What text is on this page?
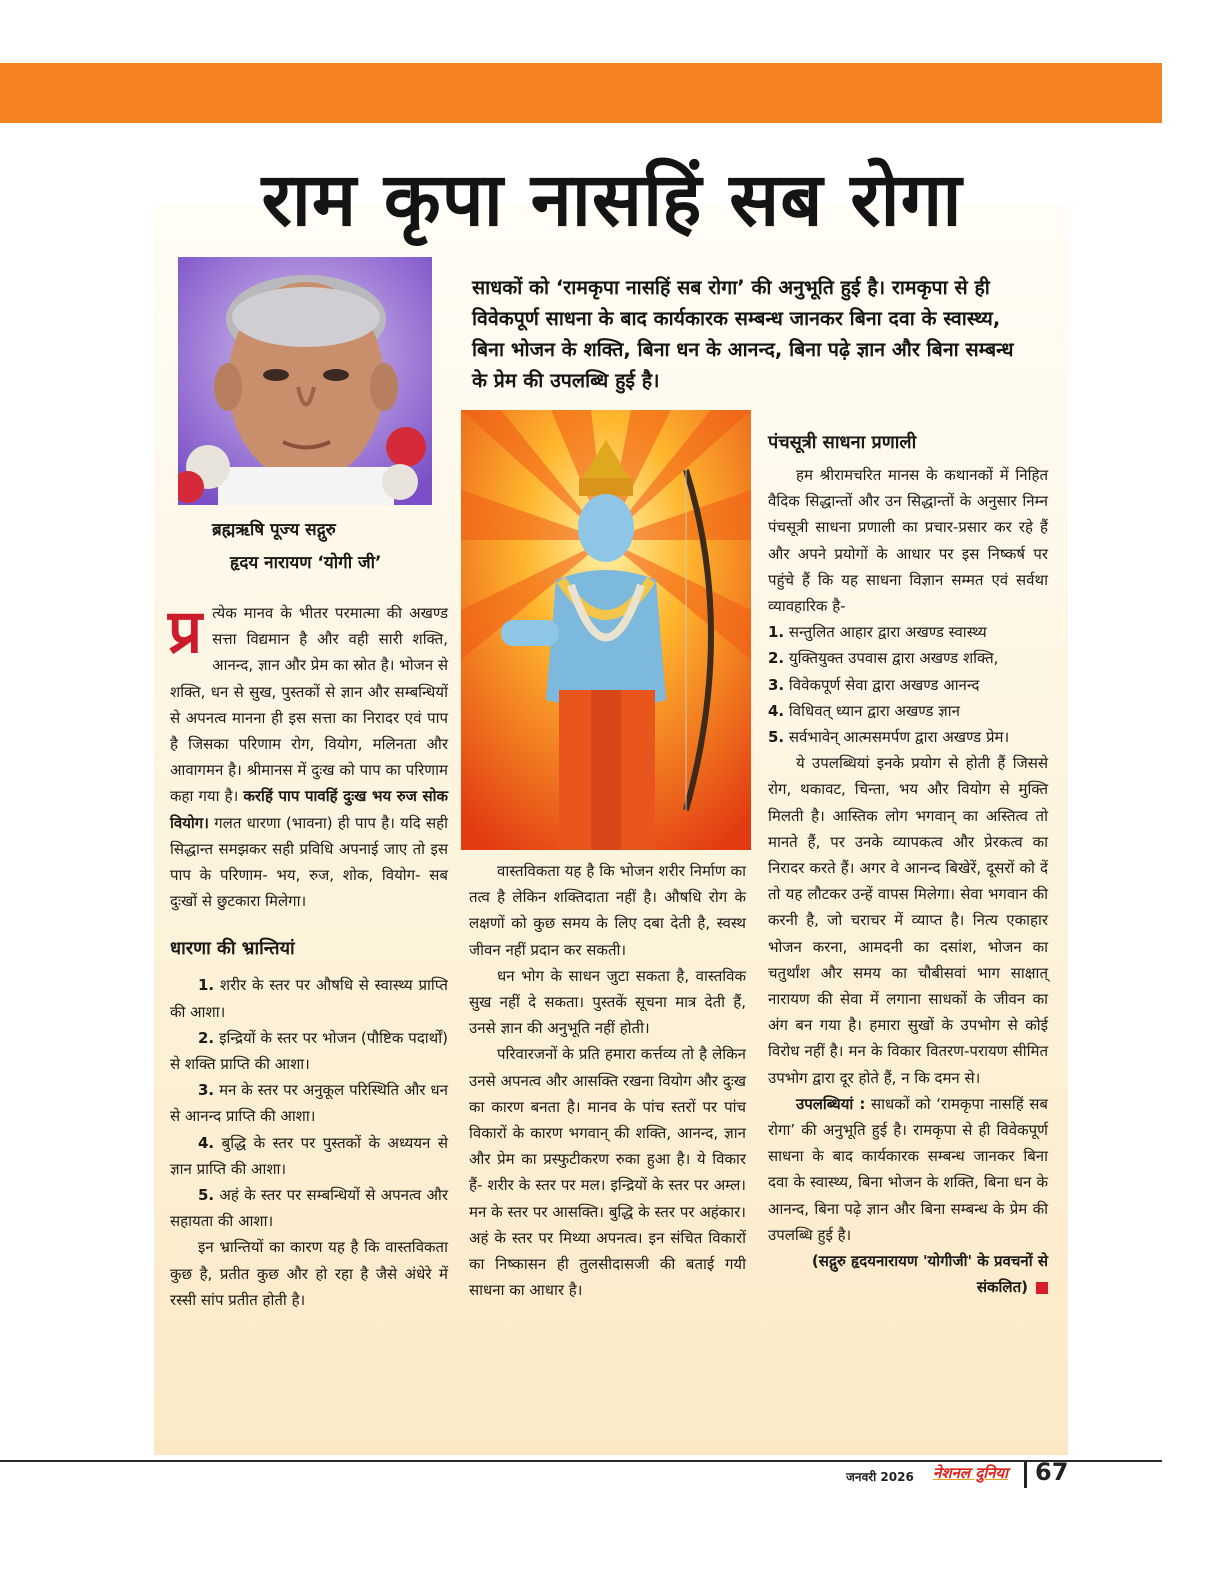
राम कृपा नासहिं सब रोगा
ब्रह्मऋषि पूज्य सद्गुरु
हृदय नारायण ‘योगी जी’
साधकों को ‘रामकृपा नासहिं सब रोगा’ की अनुभूति हुई है। रामकृपा से ही विवेकपूर्ण साधना के बाद कार्यकारक सम्बन्ध जानकर बिना दवा के स्वास्थ्य, बिना भोजन के शक्ति, बिना धन के आनन्द, बिना पढ़े ज्ञान और बिना सम्बन्ध के प्रेम की उपलब्धि हुई है।

प्र त्येक मानव के भीतर परमात्मा की अखण्ड सत्ता विद्यमान है और वही सारी शक्ति, आनन्द, ज्ञान और प्रेम का स्रोत है। भोजन से शक्ति, धन से सुख, पुस्तकों से ज्ञान और सम्बन्धियों से अपनत्व मानना ही इस सत्ता का निरादर एवं पाप है जिसका परिणाम रोग, वियोग, मलिनता और आवागमन है। श्रीमानस में दुःख को पाप का परिणाम कहा गया है। करहिं पाप पावहिं दुःख भय रुज सोक वियोग। गलत धारणा (भावना) ही पाप है। यदि सही सिद्धान्त समझकर सही प्रविधि अपनाई जाए तो इस पाप के परिणाम- भय, रुज, शोक, वियोग- सब दुःखों से छुटकारा मिलेगा।

धारणा की भ्रान्तियां

1. शरीर के स्तर पर औषधि से स्वास्थ्य प्राप्ति की आशा।

2. इन्द्रियों के स्तर पर भोजन (पौष्टिक पदार्थों) से शक्ति प्राप्ति की आशा।

3. मन के स्तर पर अनुकूल परिस्थिति और धन से आनन्द प्राप्ति की आशा।

4. बुद्धि के स्तर पर पुस्तकों के अध्ययन से ज्ञान प्राप्ति की आशा।

5. अहं के स्तर पर सम्बन्धियों से अपनत्व और सहायता की आशा।

इन भ्रान्तियों का कारण यह है कि वास्तविकता कुछ है, प्रतीत कुछ और हो रहा है जैसे अंधेरे में रस्सी सांप प्रतीत होती है।

वास्तविकता यह है कि भोजन शरीर निर्माण का तत्व है लेकिन शक्तिदाता नहीं है। औषधि रोग के लक्षणों को कुछ समय के लिए दबा देती है, स्वस्थ जीवन नहीं प्रदान कर सकती।

धन भोग के साधन जुटा सकता है, वास्तविक सुख नहीं दे सकता। पुस्तकें सूचना मात्र देती हैं, उनसे ज्ञान की अनुभूति नहीं होती।

परिवारजनों के प्रति हमारा कर्त्तव्य तो है लेकिन उनसे अपनत्व और आसक्ति रखना वियोग और दुःख का कारण बनता है। मानव के पांच स्तरों पर पांच विकारों के कारण भगवान् की शक्ति, आनन्द, ज्ञान और प्रेम का प्रस्फुटीकरण रुका हुआ है। ये विकार हैं- शरीर के स्तर पर मल। इन्द्रियों के स्तर पर अम्ल। मन के स्तर पर आसक्ति। बुद्धि के स्तर पर अहंकार। अहं के स्तर पर मिथ्या अपनत्व। इन संचित विकारों का निष्कासन ही तुलसीदासजी की बताई गयी साधना का आधार है।

पंचसूत्री साधना प्रणाली

हम श्रीरामचरित मानस के कथानकों में निहित वैदिक सिद्धान्तों और उन सिद्धान्तों के अनुसार निम्न पंचसूत्री साधना प्रणाली का प्रचार-प्रसार कर रहे हैं और अपने प्रयोगों के आधार पर इस निष्कर्ष पर पहुंचे हैं कि यह साधना विज्ञान सम्मत एवं सर्वथा व्यावहारिक है-

1. सन्तुलित आहार द्वारा अखण्ड स्वास्थ्य

2. युक्तियुक्त उपवास द्वारा अखण्ड शक्ति,

3. विवेकपूर्ण सेवा द्वारा अखण्ड आनन्द

4. विधिवत् ध्यान द्वारा अखण्ड ज्ञान

5. सर्वभावेन् आत्मसमर्पण द्वारा अखण्ड प्रेम।

ये उपलब्धियां इनके प्रयोग से होती हैं जिससे रोग, थकावट, चिन्ता, भय और वियोग से मुक्ति मिलती है। आस्तिक लोग भगवान् का अस्तित्व तो मानते हैं, पर उनके व्यापकत्व और प्रेरकत्व का निरादर करते हैं। अगर वे आनन्द बिखेरें, दूसरों को दें तो यह लौटकर उन्हें वापस मिलेगा। सेवा भगवान की करनी है, जो चराचर में व्याप्त है। नित्य एकाहार भोजन करना, आमदनी का दसांश, भोजन का चतुर्थांश और समय का चौबीसवां भाग साक्षात् नारायण की सेवा में लगाना साधकों के जीवन का अंग बन गया है। हमारा सुखों के उपभोग से कोई विरोध नहीं है। मन के विकार वितरण-परायण सीमित उपभोग द्वारा दूर होते हैं, न कि दमन से।

उपलब्धियां : साधकों को ‘रामकृपा नासहिं सब रोगा’ की अनुभूति हुई है। रामकृपा से ही विवेकपूर्ण साधना के बाद कार्यकारक सम्बन्ध जानकर बिना दवा के स्वास्थ्य, बिना भोजन के शक्ति, बिना धन के आनन्द, बिना पढ़े ज्ञान और बिना सम्बन्ध के प्रेम की उपलब्धि हुई है।

(सद्गुरु हृदयनारायण 'योगीजी' के प्रवचनों से संकलित)

जनवरी 2026 नेशनल दुनिया 67
